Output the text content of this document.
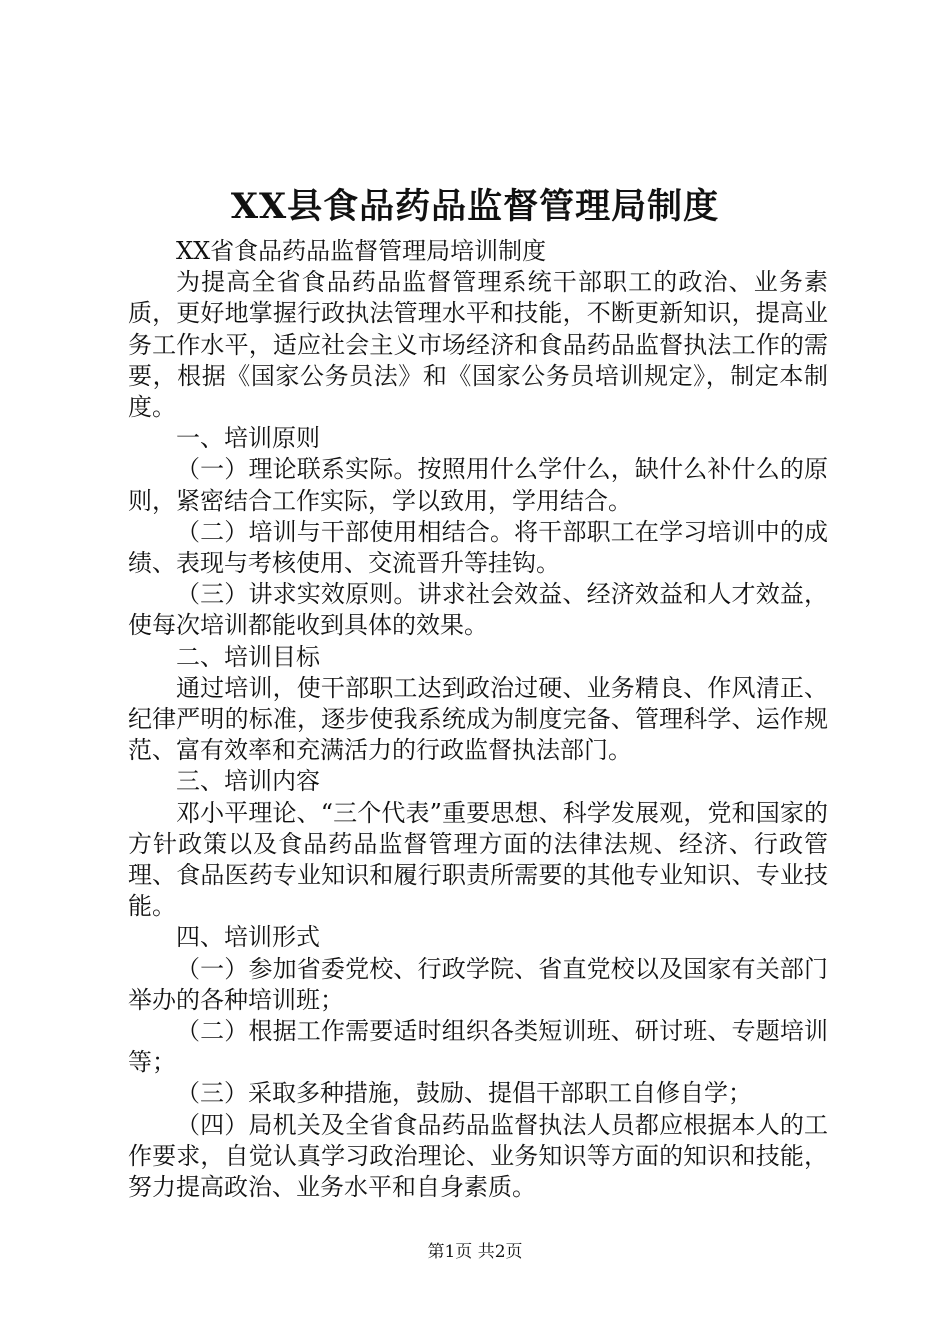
XX县食品药品监督管理局制度

XX省食品药品监督管理局培训制度

为提高全省食品药品监督管理系统干部职工的政治、业务素质，更好地掌握行政执法管理水平和技能，不断更新知识，提高业务工作水平，适应社会主义市场经济和食品药品监督执法工作的需要，根据《国家公务员法》和《国家公务员培训规定》，制定本制度。

一、培训原则

（一）理论联系实际。按照用什么学什么，缺什么补什么的原则，紧密结合工作实际，学以致用，学用结合。

（二）培训与干部使用相结合。将干部职工在学习培训中的成绩、表现与考核使用、交流晋升等挂钩。

（三）讲求实效原则。讲求社会效益、经济效益和人才效益，使每次培训都能收到具体的效果。

二、培训目标

通过培训，使干部职工达到政治过硬、业务精良、作风清正、纪律严明的标准，逐步使我系统成为制度完备、管理科学、运作规范、富有效率和充满活力的行政监督执法部门。

三、培训内容

邓小平理论、“三个代表”重要思想、科学发展观，党和国家的方针政策以及食品药品监督管理方面的法律法规、经济、行政管理、食品医药专业知识和履行职责所需要的其他专业知识、专业技能。

四、培训形式

（一）参加省委党校、行政学院、省直党校以及国家有关部门举办的各种培训班；

（二）根据工作需要适时组织各类短训班、研讨班、专题培训等；

（三）采取多种措施，鼓励、提倡干部职工自修自学；

（四）局机关及全省食品药品监督执法人员都应根据本人的工作要求，自觉认真学习政治理论、业务知识等方面的知识和技能，努力提高政治、业务水平和自身素质。

第1页 共2页
